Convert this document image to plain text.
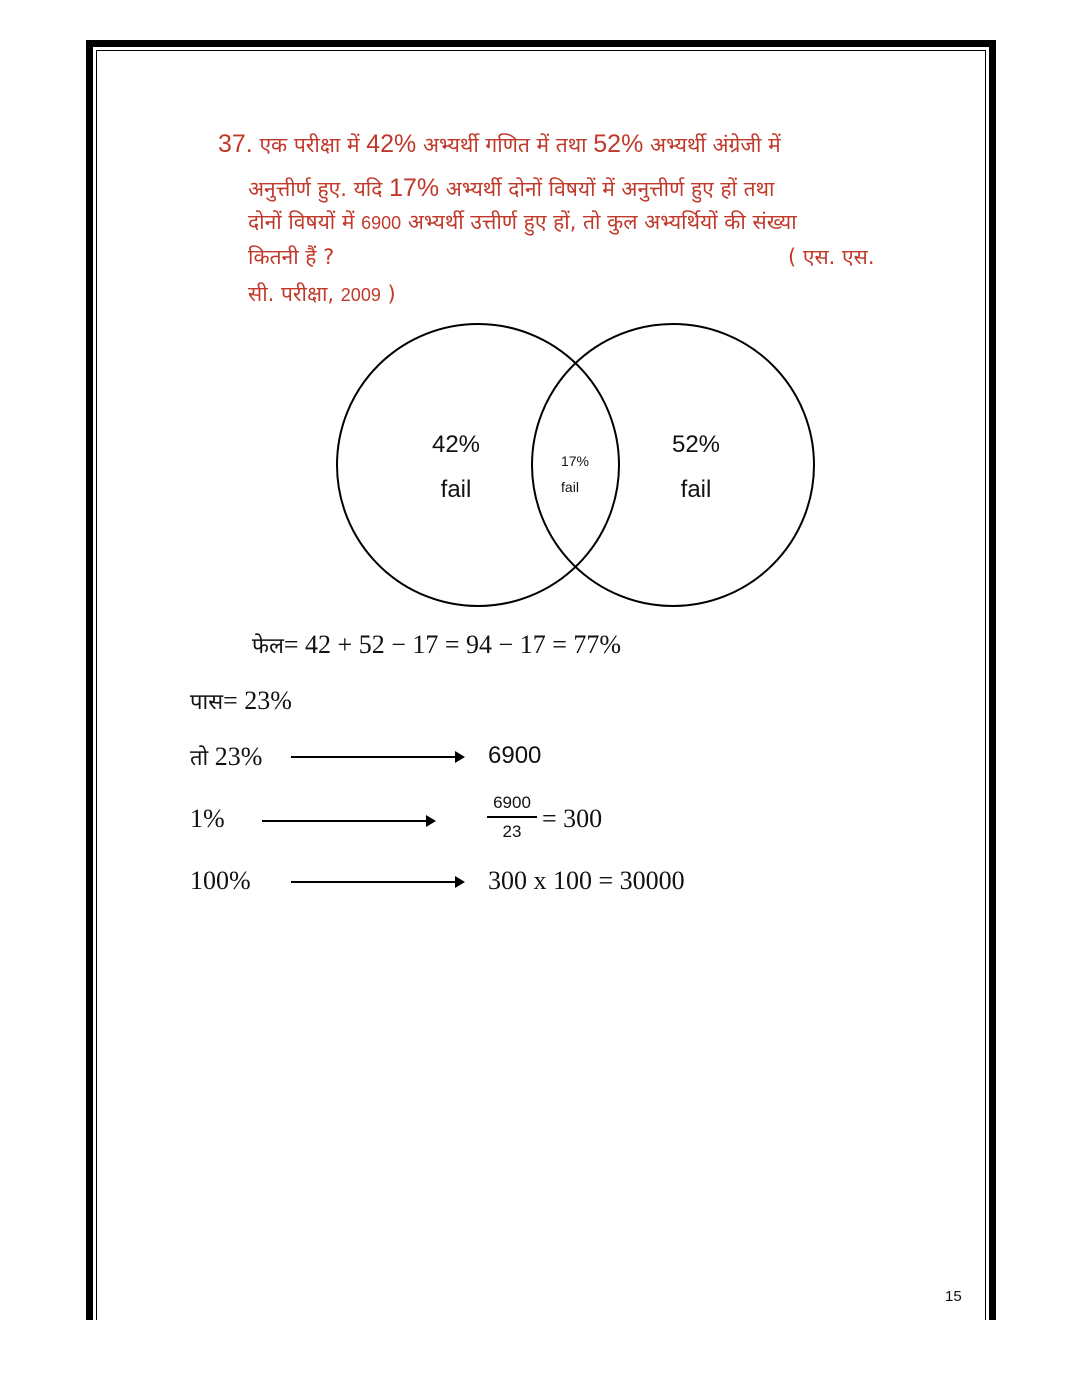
37. एक परीक्षा में 42% अभ्यर्थी गणित में तथा 52% अभ्यर्थी अंग्रेजी में
अनुत्तीर्ण हुए. यदि 17% अभ्यर्थी दोनों विषयों में अनुत्तीर्ण हुए हों तथा
दोनों विषयों में 6900 अभ्यर्थी उत्तीर्ण हुए हों, तो कुल अभ्यर्थियों की संख्या
कितनी हैं ?	( एस. एस.
सी. परीक्षा, 2009 )
42%
fail
17%
fail
52%
fail
फेल= 42 + 52 − 17 = 94 − 17 = 77%
पास= 23%
तो 23%	6900
1%
6900
23 = 300
100%	300 x 100 = 30000
15
